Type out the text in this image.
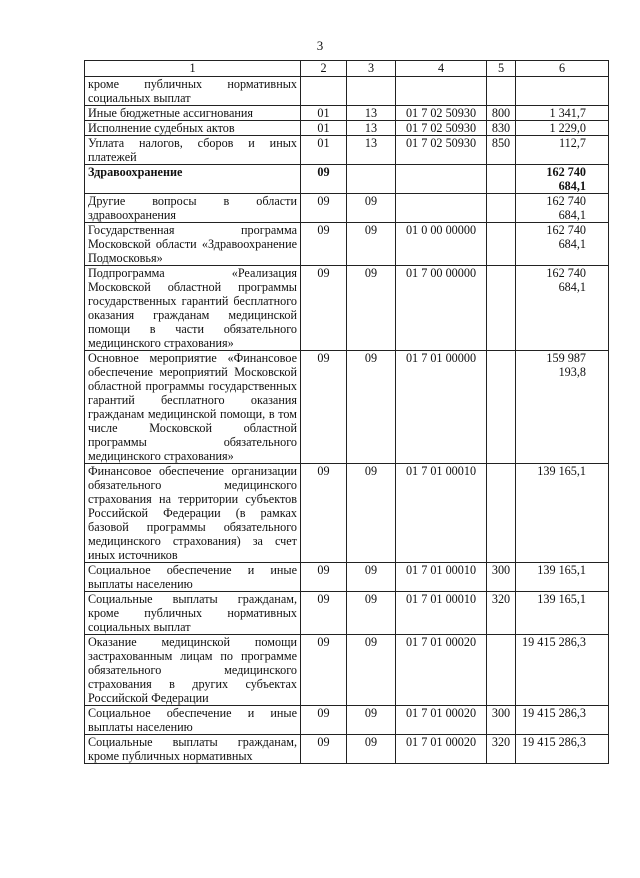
3
1	2	3	4	5	6
кроме публичных нормативных социальных выплат					
Иные бюджетные ассигнования	01	13	01 7 02 50930	800	1 341,7
Исполнение судебных актов	01	13	01 7 02 50930	830	1 229,0
Уплата налогов, сборов и иных платежей	01	13	01 7 02 50930	850	112,7
Здравоохранение	09				162 740 684,1
Другие вопросы в области здравоохранения	09	09			162 740 684,1
Государственная программа Московской области «Здравоохранение Подмосковья»	09	09	01 0 00 00000		162 740 684,1
Подпрограмма «Реализация Московской областной программы государственных гарантий бесплатного оказания гражданам медицинской помощи в части обязательного медицинского страхования»	09	09	01 7 00 00000		162 740 684,1
Основное мероприятие «Финансовое обеспечение мероприятий Московской областной программы государственных гарантий бесплатного оказания гражданам медицинской помощи, в том числе Московской областной программы обязательного медицинского страхования»	09	09	01 7 01 00000		159 987 193,8
Финансовое обеспечение организации обязательного медицинского страхования на территории субъектов Российской Федерации (в рамках базовой программы обязательного медицинского страхования) за счет иных источников	09	09	01 7 01 00010		139 165,1
Социальное обеспечение и иные выплаты населению	09	09	01 7 01 00010	300	139 165,1
Социальные выплаты гражданам, кроме публичных нормативных социальных выплат	09	09	01 7 01 00010	320	139 165,1
Оказание медицинской помощи застрахованным лицам по программе обязательного медицинского страхования в других субъектах Российской Федерации	09	09	01 7 01 00020		19 415 286,3
Социальное обеспечение и иные выплаты населению	09	09	01 7 01 00020	300	19 415 286,3
Социальные выплаты гражданам, кроме публичных нормативных	09	09	01 7 01 00020	320	19 415 286,3
